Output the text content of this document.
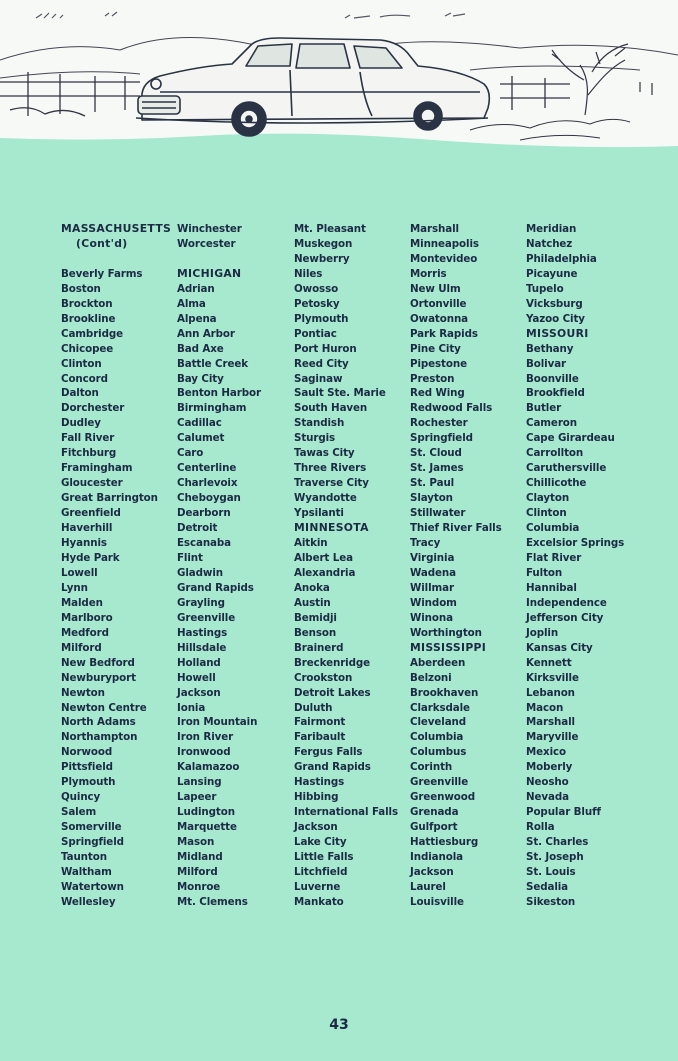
MASSACHUSETTS
(Cont'd)
Beverly Farms
Boston
Brockton
Brookline
Cambridge
Chicopee
Clinton
Concord
Dalton
Dorchester
Dudley
Fall River
Fitchburg
Framingham
Gloucester
Great Barrington
Greenfield
Haverhill
Hyannis
Hyde Park
Lowell
Lynn
Malden
Marlboro
Medford
Milford
New Bedford
Newburyport
Newton
Newton Centre
North Adams
Northampton
Norwood
Pittsfield
Plymouth
Quincy
Salem
Somerville
Springfield
Taunton
Waltham
Watertown
Wellesley
Winchester
Worcester
MICHIGAN
Adrian
Alma
Alpena
Ann Arbor
Bad Axe
Battle Creek
Bay City
Benton Harbor
Birmingham
Cadillac
Calumet
Caro
Centerline
Charlevoix
Cheboygan
Dearborn
Detroit
Escanaba
Flint
Gladwin
Grand Rapids
Grayling
Greenville
Hastings
Hillsdale
Holland
Howell
Jackson
Ionia
Iron Mountain
Iron River
Ironwood
Kalamazoo
Lansing
Lapeer
Ludington
Marquette
Mason
Midland
Milford
Monroe
Mt. Clemens
Mt. Pleasant
Muskegon
Newberry
Niles
Owosso
Petosky
Plymouth
Pontiac
Port Huron
Reed City
Saginaw
Sault Ste. Marie
South Haven
Standish
Sturgis
Tawas City
Three Rivers
Traverse City
Wyandotte
Ypsilanti
MINNESOTA
Aitkin
Albert Lea
Alexandria
Anoka
Austin
Bemidji
Benson
Brainerd
Breckenridge
Crookston
Detroit Lakes
Duluth
Fairmont
Faribault
Fergus Falls
Grand Rapids
Hastings
Hibbing
International Falls
Jackson
Lake City
Little Falls
Litchfield
Luverne
Mankato
Marshall
Minneapolis
Montevideo
Morris
New Ulm
Ortonville
Owatonna
Park Rapids
Pine City
Pipestone
Preston
Red Wing
Redwood Falls
Rochester
Springfield
St. Cloud
St. James
St. Paul
Slayton
Stillwater
Thief River Falls
Tracy
Virginia
Wadena
Willmar
Windom
Winona
Worthington
MISSISSIPPI
Aberdeen
Belzoni
Brookhaven
Clarksdale
Cleveland
Columbia
Columbus
Corinth
Greenville
Greenwood
Grenada
Gulfport
Hattiesburg
Indianola
Jackson
Laurel
Louisville
Meridian
Natchez
Philadelphia
Picayune
Tupelo
Vicksburg
Yazoo City
MISSOURI
Bethany
Bolivar
Boonville
Brookfield
Butler
Cameron
Cape Girardeau
Carrollton
Caruthersville
Chillicothe
Clayton
Clinton
Columbia
Excelsior Springs
Flat River
Fulton
Hannibal
Independence
Jefferson City
Joplin
Kansas City
Kennett
Kirksville
Lebanon
Macon
Marshall
Maryville
Mexico
Moberly
Neosho
Nevada
Popular Bluff
Rolla
St. Charles
St. Joseph
St. Louis
Sedalia
Sikeston
43
